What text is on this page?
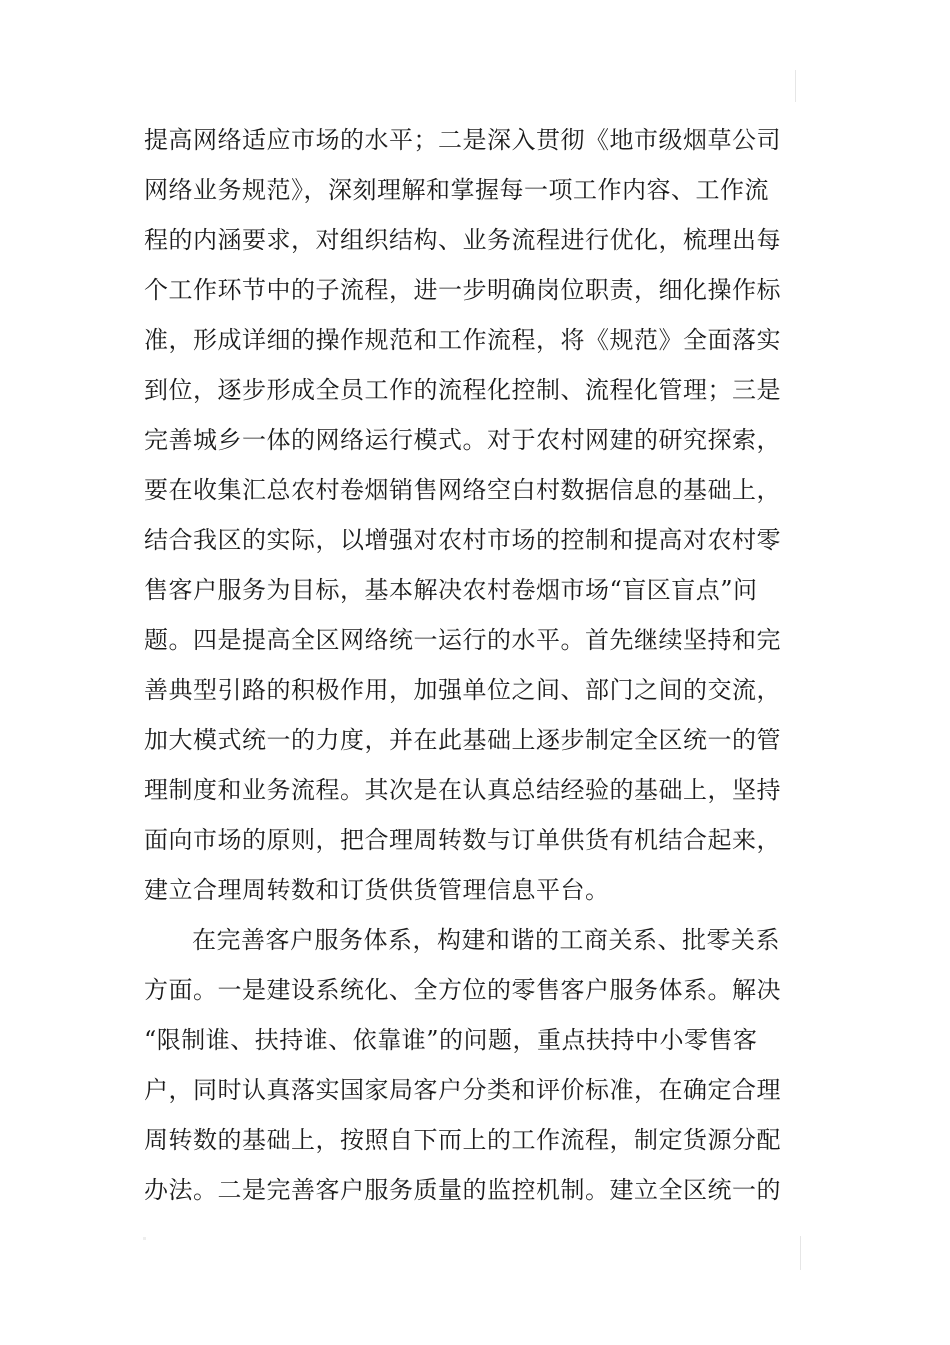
提高网络适应市场的水平；二是深入贯彻《地市级烟草公司
网络业务规范》，深刻理解和掌握每一项工作内容、工作流
程的内涵要求，对组织结构、业务流程进行优化，梳理出每
个工作环节中的子流程，进一步明确岗位职责，细化操作标
准，形成详细的操作规范和工作流程，将《规范》全面落实
到位，逐步形成全员工作的流程化控制、流程化管理；三是
完善城乡一体的网络运行模式。对于农村网建的研究探索，
要在收集汇总农村卷烟销售网络空白村数据信息的基础上，
结合我区的实际，以增强对农村市场的控制和提高对农村零
售客户服务为目标，基本解决农村卷烟市场“盲区盲点”问
题。四是提高全区网络统一运行的水平。首先继续坚持和完
善典型引路的积极作用，加强单位之间、部门之间的交流，
加大模式统一的力度，并在此基础上逐步制定全区统一的管
理制度和业务流程。其次是在认真总结经验的基础上，坚持
面向市场的原则，把合理周转数与订单供货有机结合起来，
建立合理周转数和订货供货管理信息平台。
在完善客户服务体系，构建和谐的工商关系、批零关系
方面。一是建设系统化、全方位的零售客户服务体系。解决
“限制谁、扶持谁、依靠谁”的问题，重点扶持中小零售客
户，同时认真落实国家局客户分类和评价标准，在确定合理
周转数的基础上，按照自下而上的工作流程，制定货源分配
办法。二是完善客户服务质量的监控机制。建立全区统一的
